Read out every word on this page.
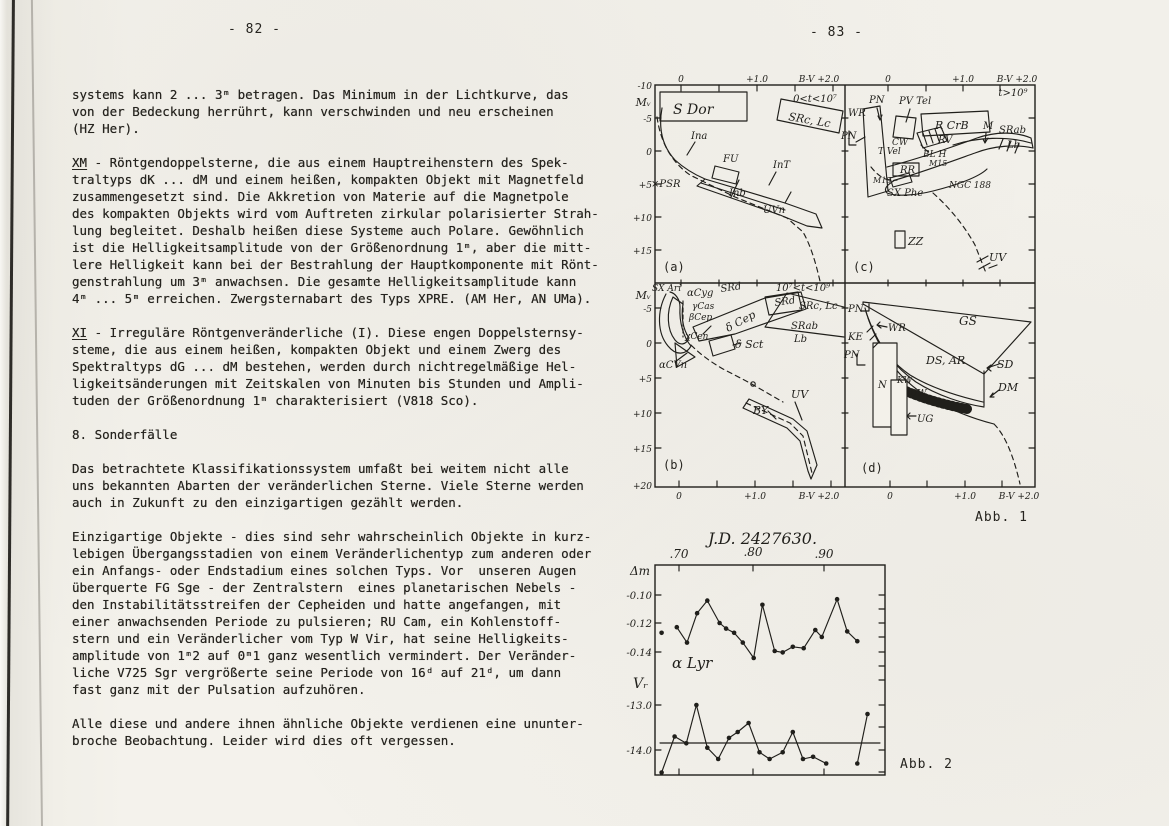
- 82 -	- 83 -

systems kann 2 ... 3ᵐ betragen. Das Minimum in der Lichtkurve, das
von der Bedeckung herrührt, kann verschwinden und neu erscheinen
(HZ Her).

XM - Röntgendoppelsterne, die aus einem Hauptreihenstern des Spek-
traltyps dK ... dM und einem heißen, kompakten Objekt mit Magnetfeld
zusammengesetzt sind. Die Akkretion von Materie auf die Magnetpole
des kompakten Objekts wird vom Auftreten zirkular polarisierter Strah-
lung begleitet. Deshalb heißen diese Systeme auch Polare. Gewöhnlich
ist die Helligkeitsamplitude von der Größenordnung 1ᵐ, aber die mitt-
lere Helligkeit kann bei der Bestrahlung der Hauptkomponente mit Rönt-
genstrahlung um 3ᵐ anwachsen. Die gesamte Helligkeitsamplitude kann
4ᵐ ... 5ᵐ erreichen. Zwergsternabart des Typs XPRE. (AM Her, AN UMa).

XI - Irreguläre Röntgenveränderliche (I). Diese engen Doppelsternsy-
steme, die aus einem heißen, kompakten Objekt und einem Zwerg des
Spektraltyps dG ... dM bestehen, werden durch nichtregelmäßige Hel-
ligkeitsänderungen mit Zeitskalen von Minuten bis Stunden und Ampli-
tuden der Größenordnung 1ᵐ charakterisiert (V818 Sco).

8. Sonderfälle

Das betrachtete Klassifikationssystem umfaßt bei weitem nicht alle
uns bekannten Abarten der veränderlichen Sterne. Viele Sterne werden
auch in Zukunft zu den einzigartigen gezählt werden.

Einzigartige Objekte - dies sind sehr wahrscheinlich Objekte in kurz-
lebigen Übergangsstadien von einem Veränderlichentyp zum anderen oder
ein Anfangs- oder Endstadium eines solchen Typs. Vor  unseren Augen
überquerte FG Sge - der Zentralstern  eines planetarischen Nebels -
den Instabilitätsstreifen der Cepheiden und hatte angefangen, mit
einer anwachsenden Periode zu pulsieren; RU Cam, ein Kohlenstoff-
stern und ein Veränderlicher vom Typ W Vir, hat seine Helligkeits-
amplitude von 1ᵐ2 auf 0ᵐ1 ganz wesentlich vermindert. Der Veränder-
liche V725 Sgr vergrößerte seine Periode von 16ᵈ auf 21ᵈ, um dann
fast ganz mit der Pulsation aufzuhören.

Alle diese und andere ihnen ähnliche Objekte verdienen eine ununter-
broche Beobachtung. Leider wird dies oft vergessen.

0	+1.0	B-V +2.0	0	+1.0	B-V +2.0
-10
Mᵥ
-5
0
+5
+10
+15
Mᵥ
-5
0
+5
+10
+15
+20
0	+1.0	B-V +2.0	0	+1.0	B-V +2.0
S Dor
0<t<10⁷
SRc, Lc
Ina
FU
InT
Inb
UVn
×PSR
(a)
t>10⁹
PN PV Tel
WR
R CrB
PN
CW	RV
T Vel BL H
RR
M15
M15
M SRab
Lb
NGC 188
SX Phe
ZZ
UV
(c)
SX Ari αCyg SRd	10⁷<t<10⁹
γCas
βCep δ Cep
SRd SRc, Lc
SRab
Lb
χCen
δ Sct
αCVn
BY
UV
(b)
PN
WR
KE
PN
N KW
DW
DS, AR
GS
SD
DM
UG
(d)
Abb. 1
J.D. 2427630.
.70	.80	.90
Δm
-0.10
-0.12
-0.14
Vᵣ
-13.0
-14.0
α Lyr
Abb. 2
